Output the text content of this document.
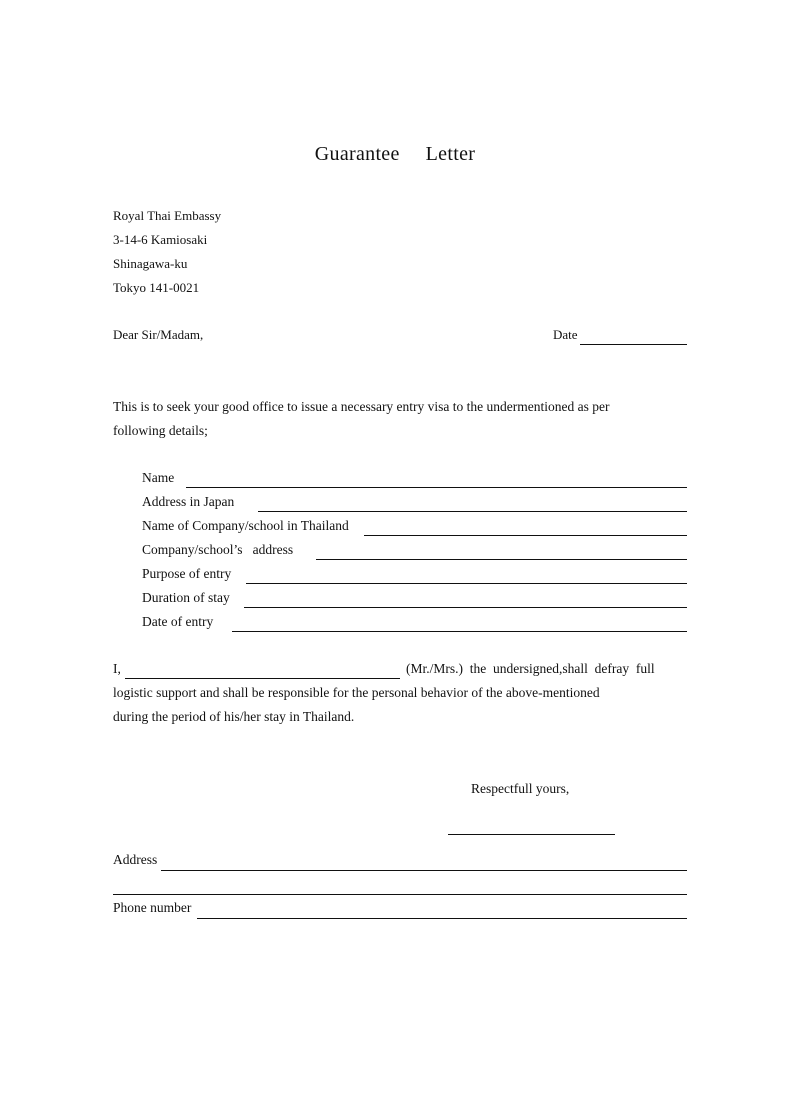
Guarantee Letter
Royal Thai Embassy
3-14-6 Kamiosaki
Shinagawa-ku
Tokyo 141-0021
Dear Sir/Madam,	Date
This is to seek your good office to issue a necessary entry visa to the undermentioned as per
following details;
Name
Address in Japan
Name of Company/school in Thailand
Company/school’s   address
Purpose of entry
Duration of stay
Date of entry
I,	(Mr./Mrs.)  the  undersigned,shall  defray  full
logistic support and shall be responsible for the personal behavior of the above-mentioned
during the period of his/her stay in Thailand.
Respectfull yours,
Address
Phone number
